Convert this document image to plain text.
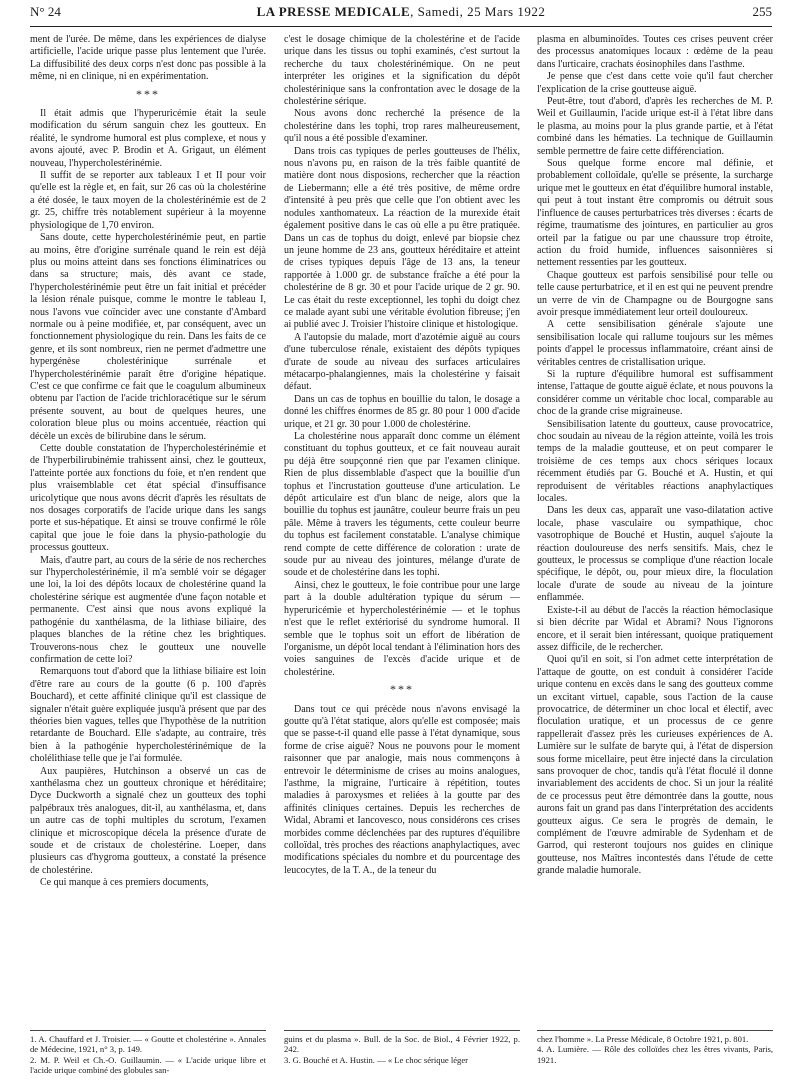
N° 24	LA PRESSE MEDICALE, Samedi, 25 Mars 1922	255

ment de l'urée. De même, dans les expériences de dialyse artificielle, l'acide urique passe plus lentement que l'urée. La diffusibilité des deux corps n'est donc pas possible à la même, ni en clinique, ni en expérimentation.

***

Il était admis que l'hyperuricémie était la seule modification du sérum sanguin chez les goutteux. En réalité, le syndrome humoral est plus complexe, et nous y avons ajouté, avec P. Brodin et A. Grigaut, un élément nouveau, l'hypercholestérinémie.

Il suffit de se reporter aux tableaux I et II pour voir qu'elle est la règle et, en fait, sur 26 cas où la cholestérine a été dosée, le taux moyen de la cholestérinémie est de 2 gr. 25, chiffre très notablement supérieur à la moyenne physiologique de 1,70 environ.

Sans doute, cette hypercholestérinémie peut, en partie au moins, être d'origine surrénale quand le rein est déjà plus ou moins atteint dans ses fonctions éliminatrices ou dans sa structure; mais, dès avant ce stade, l'hypercholestérinémie peut être un fait initial et précéder la lésion rénale puisque, comme le montre le tableau I, nous l'avons vue coïncider avec une constante d'Ambard normale ou à peine modifiée, et, par conséquent, avec un fonctionnement physiologique du rein. Dans les faits de ce genre, et ils sont nombreux, rien ne permet d'admettre une hypergénèse cholestérinique surrénale et l'hypercholestérinémie paraît être d'origine hépatique. C'est ce que confirme ce fait que le coagulum albumineux obtenu par l'action de l'acide trichloracétique sur le sérum présente souvent, au bout de quelques heures, une coloration bleue plus ou moins accentuée, réaction qui décèle un excès de bilirubine dans le sérum.

Cette double constatation de l'hypercholestérinémie et de l'hyperbilirubinémie trahissent ainsi, chez le goutteux, l'atteinte portée aux fonctions du foie, et n'en rendent que plus vraisemblable cet état spécial d'insuffisance uricolytique que nous avons décrit d'après les résultats de nos dosages corporatifs de l'acide urique dans les sangs porte et sus-hépatique. Et ainsi se trouve confirmé le rôle capital que joue le foie dans la physio-pathologie du processus goutteux.

Mais, d'autre part, au cours de la série de nos recherches sur l'hypercholestérinémie, il m'a semblé voir se dégager une loi, la loi des dépôts locaux de cholestérine quand la cholestérine sérique est augmentée d'une façon notable et permanente. C'est ainsi que nous avons expliqué la pathogénie du xanthélasma, de la lithiase biliaire, des plaques blanches de la rétine chez les brightiques. Trouverons-nous chez le goutteux une nouvelle confirmation de cette loi?

Remarquons tout d'abord que la lithiase biliaire est loin d'être rare au cours de la goutte (6 p. 100 d'après Bouchard), et cette affinité clinique qu'il est classique de signaler n'était guère expliquée jusqu'à présent que par des théories bien vagues, telles que l'hypothèse de la nutrition retardante de Bouchard. Elle s'adapte, au contraire, très bien à la pathogénie hypercholestérinémique de la cholélithiase telle que je l'ai formulée.

Aux paupières, Hutchinson a observé un cas de xanthélasma chez un goutteux chronique et héréditaire; Dyce Duckworth a signalé chez un goutteux des tophi palpébraux très analogues, dit-il, au xanthélasma, et, dans un autre cas de tophi multiples du scrotum, l'examen clinique et microscopique décela la présence d'urate de soude et de cristaux de cholestérine. Loeper, dans plusieurs cas d'hygroma goutteux, a constaté la présence de cholestérine.

Ce qui manque à ces premiers documents,

c'est le dosage chimique de la cholestérine et de l'acide urique dans les tissus ou tophi examinés, c'est surtout la recherche du taux cholestérinémique. On ne peut interpréter les origines et la signification du dépôt cholestérinique sans la confrontation avec le dosage de la cholestérine sérique.

Nous avons donc recherché la présence de la cholestérine dans les tophi, trop rares malheureusement, qu'il nous a été possible d'examiner.

Dans trois cas typiques de perles goutteuses de l'hélix, nous n'avons pu, en raison de la très faible quantité de matière dont nous disposions, rechercher que la réaction de Liebermann; elle a été très positive, de même ordre d'intensité à peu près que celle que l'on obtient avec les nodules xanthomateux. La réaction de la murexide était également positive dans le cas où elle a pu être pratiquée. Dans un cas de tophus du doigt, enlevé par biopsie chez un jeune homme de 23 ans, goutteux héréditaire et atteint de crises typiques depuis l'âge de 13 ans, la teneur rapportée à 1.000 gr. de substance fraîche a été pour la cholestérine de 8 gr. 30 et pour l'acide urique de 2 gr. 90. Le cas était du reste exceptionnel, les tophi du doigt chez ce malade ayant subi une véritable évolution fibreuse; j'en ai publié avec J. Troisier l'histoire clinique et histologique.

A l'autopsie du malade, mort d'azotémie aiguë au cours d'une tuberculose rénale, existaient des dépôts typiques d'urate de soude au niveau des surfaces articulaires métacarpo-phalangiennes, mais la cholestérine y faisait défaut.

Dans un cas de tophus en bouillie du talon, le dosage a donné les chiffres énormes de 85 gr. 80 pour 1 000 d'acide urique, et 21 gr. 30 pour 1.000 de cholestérine.

La cholestérine nous apparaît donc comme un élément constituant du tophus goutteux, et ce fait nouveau aurait pu déjà être soupçonné rien que par l'examen clinique. Rien de plus dissemblable d'aspect que la bouillie d'un tophus et l'incrustation goutteuse d'une articulation. Le dépôt articulaire est d'un blanc de neige, alors que la bouillie du tophus est jaunâtre, couleur beurre frais un peu pâle. Même à travers les téguments, cette couleur beurre du tophus est facilement constatable. L'analyse chimique rend compte de cette différence de coloration : urate de soude pur au niveau des jointures, mélange d'urate de soude et de cholestérine dans les tophi.

Ainsi, chez le goutteux, le foie contribue pour une large part à la double adultération typique du sérum — hyperuricémie et hypercholestérinémie — et le tophus n'est que le reflet extériorisé du syndrome humoral. Il semble que le tophus soit un effort de libération de l'organisme, un dépôt local tendant à l'élimination hors des voies sanguines de l'excès d'acide urique et de cholestérine.

***

Dans tout ce qui précède nous n'avons envisagé la goutte qu'à l'état statique, alors qu'elle est composée; mais que se passe-t-il quand elle passe à l'état dynamique, sous forme de crise aiguë? Nous ne pouvons pour le moment raisonner que par analogie, mais nous commençons à entrevoir le déterminisme de crises au moins analogues, l'asthme, la migraine, l'urticaire à répétition, toutes maladies à paroxysmes et reliées à la goutte par des affinités cliniques certaines. Depuis les recherches de Widal, Abrami et Iancovesco, nous considérons ces crises morbides comme déclenchées par des ruptures d'équilibre colloïdal, très proches des réactions anaphylactiques, avec modifications spéciales du nombre et du pourcentage des leucocytes, de la T. A., de la teneur du

plasma en albuminoïdes. Toutes ces crises peuvent créer des processus anatomiques locaux : œdème de la peau dans l'urticaire, crachats éosinophiles dans l'asthme.

Je pense que c'est dans cette voie qu'il faut chercher l'explication de la crise goutteuse aiguë.

Peut-être, tout d'abord, d'après les recherches de M. P. Weil et Guillaumin, l'acide urique est-il à l'état libre dans le plasma, au moins pour la plus grande partie, et à l'état combiné dans les hématies. La technique de Guillaumin semble permettre de faire cette différenciation.

Sous quelque forme encore mal définie, et probablement colloïdale, qu'elle se présente, la surcharge urique met le goutteux en état d'équilibre humoral instable, qui peut à tout instant être compromis ou détruit sous l'influence de causes perturbatrices très diverses : écarts de régime, traumatisme des jointures, en particulier au gros orteil par la fatigue ou par une chaussure trop étroite, action du froid humide, influences saisonnières si nettement ressenties par les goutteux.

Chaque goutteux est parfois sensibilisé pour telle ou telle cause perturbatrice, et il en est qui ne peuvent prendre un verre de vin de Champagne ou de Bourgogne sans avoir presque immédiatement leur orteil douloureux.

A cette sensibilisation générale s'ajoute une sensibilisation locale qui rallume toujours sur les mêmes points d'appel le processus inflammatoire, créant ainsi de véritables centres de cristallisation urique.

Si la rupture d'équilibre humoral est suffisamment intense, l'attaque de goutte aiguë éclate, et nous pouvons la considérer comme un véritable choc local, comparable au choc de la grande crise migraineuse.

Sensibilisation latente du goutteux, cause provocatrice, choc soudain au niveau de la région atteinte, voilà les trois temps de la maladie goutteuse, et on peut comparer le troisième de ces temps aux chocs sériques locaux récemment étudiés par G. Bouché et A. Hustin, et qui reproduisent de véritables réactions anaphylactiques locales.

Dans les deux cas, apparaît une vaso-dilatation active locale, phase vasculaire ou sympathique, choc vasotrophique de Bouché et Hustin, auquel s'ajoute la réaction douloureuse des nerfs sensitifs. Mais, chez le goutteux, le processus se complique d'une réaction locale spécifique, le dépôt, ou, pour mieux dire, la floculation locale d'urate de soude au niveau de la jointure enflammée.

Existe-t-il au début de l'accès la réaction hémoclasique si bien décrite par Widal et Abrami? Nous l'ignorons encore, et il serait bien intéressant, quoique pratiquement assez difficile, de le rechercher.

Quoi qu'il en soit, si l'on admet cette interprétation de l'attaque de goutte, on est conduit à considérer l'acide urique contenu en excès dans le sang des goutteux comme un excitant virtuel, capable, sous l'action de la cause provocatrice, de déterminer un choc local et électif, avec floculation uratique, et un processus de ce genre rappellerait d'assez près les curieuses expériences de A. Lumière sur le sulfate de baryte qui, à l'état de dispersion sous forme micellaire, peut être injecté dans la circulation sans provoquer de choc, tandis qu'à l'état floculé il donne invariablement des accidents de choc. Si un jour la réalité de ce processus peut être démontrée dans la goutte, nous aurons fait un grand pas dans l'interprétation des accidents goutteux aigus. Ce sera le progrès de demain, le complément de l'œuvre admirable de Sydenham et de Garrod, qui resteront toujours nos guides en clinique goutteuse, nos Maîtres incontestés dans l'étude de cette grande maladie humorale.

1. A. Chauffard et J. Troisier. — « Goutte et cholestérine ». Annales de Médecine, 1921, n° 3, p. 149.

2. M. P. Weil et Ch.-O. Guillaumin. — « L'acide urique libre et l'acide urique combiné des globules san-

guins et du plasma ». Bull. de la Soc. de Biol., 4 Février 1922, p. 242.

3. G. Bouché et A. Hustin. — « Le choc sérique léger

chez l'homme ». La Presse Médicale, 8 Octobre 1921, p. 801.

4. A. Lumière. — Rôle des colloïdes chez les êtres vivants, Paris, 1921.
